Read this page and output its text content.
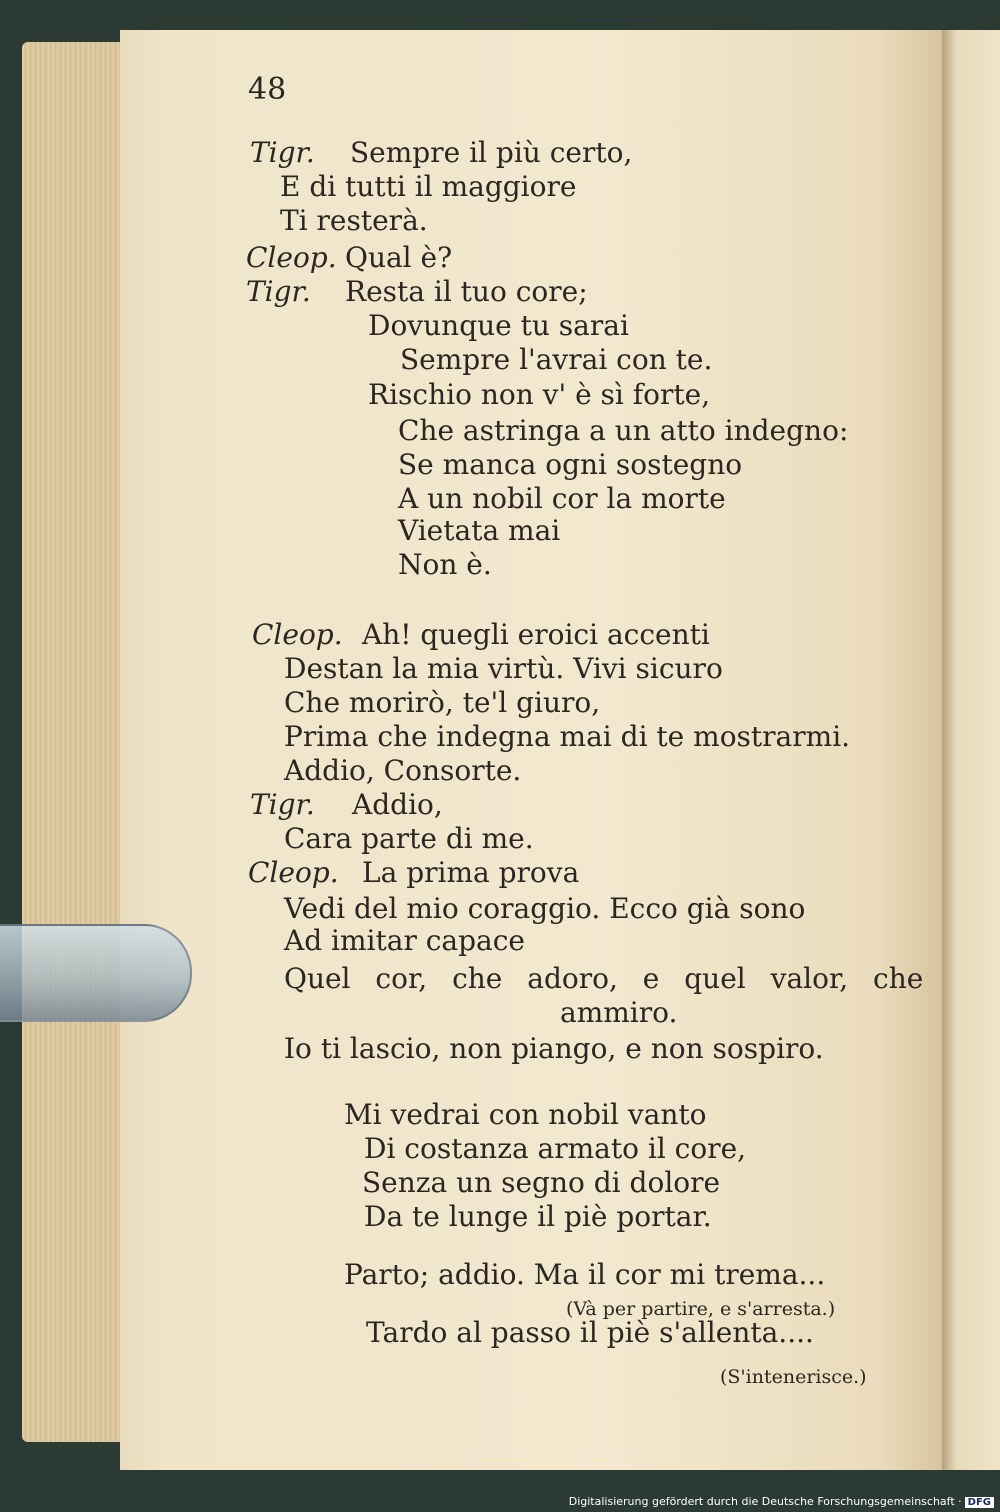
48
Tigr. Sempre il più certo,
E di tutti il maggiore
Ti resterà.
Cleop. Qual è?
Tigr. Resta il tuo core;
Dovunque tu sarai
Sempre l'avrai con te.
Rischio non v' è sì forte,
Che astringa a un atto indegno:
Se manca ogni sostegno
A un nobil cor la morte
Vietata mai
Non è.
Cleop. Ah! quegli eroici accenti
Destan la mia virtù. Vivi sicuro
Che morirò, te'l giuro,
Prima che indegna mai di te mostrarmi.
Addio, Consorte.
Tigr. Addio,
Cara parte di me.
Cleop. La prima prova
Vedi del mio coraggio. Ecco già sono
Ad imitar capace
Quel cor, che adoro, e quel valor, che
ammiro.
Io ti lascio, non piango, e non sospiro.
Mi vedrai con nobil vanto
Di costanza armato il core,
Senza un segno di dolore
Da te lunge il piè portar.
Parto; addio. Ma il cor mi trema...
(Và per partire, e s'arresta.)
Tardo al passo il piè s'allenta....
(S'intenerisce.)
Digitalisierung gefördert durch die Deutsche Forschungsgemeinschaft · DFG
